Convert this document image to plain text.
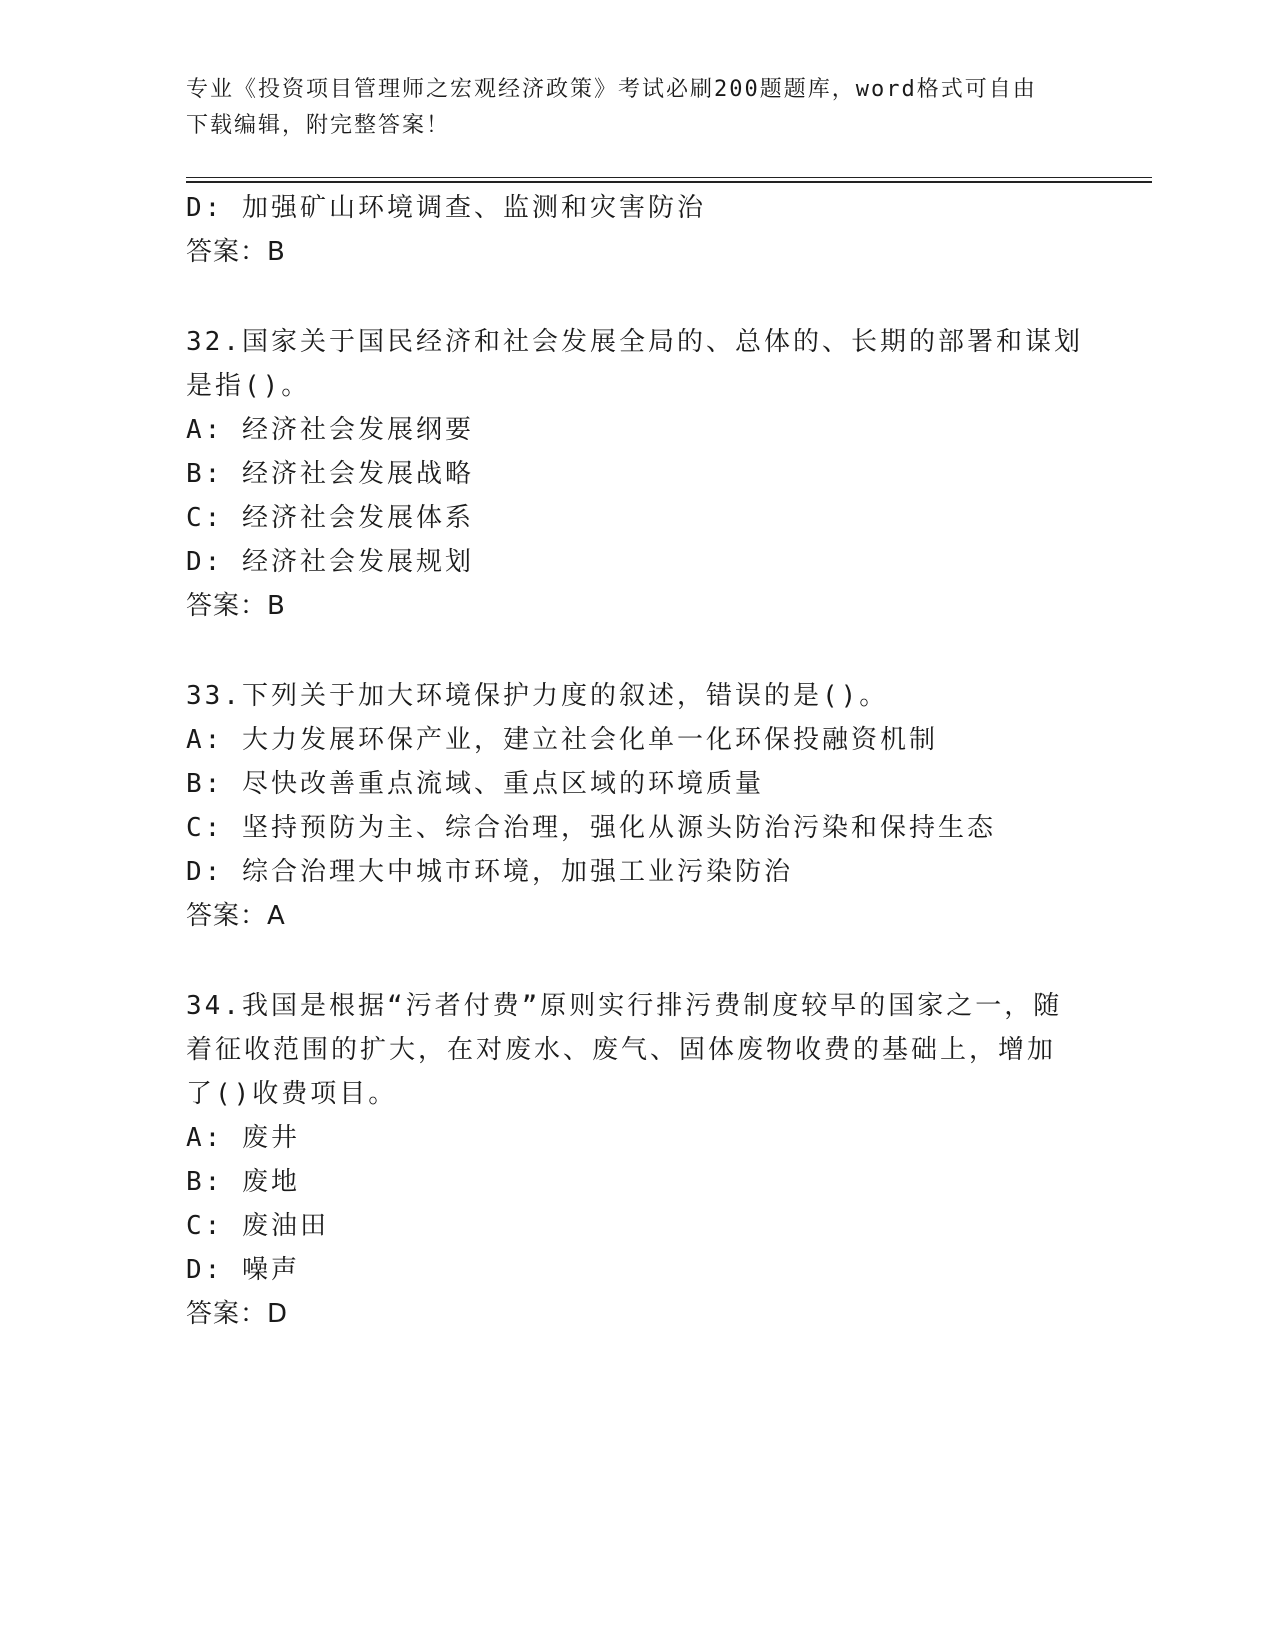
专业《投资项目管理师之宏观经济政策》考试必刷200题题库，word格式可自由
下载编辑，附完整答案！
D: 加强矿山环境调查、监测和灾害防治
答案：B
32.国家关于国民经济和社会发展全局的、总体的、长期的部署和谋划
是指()。
A: 经济社会发展纲要
B: 经济社会发展战略
C: 经济社会发展体系
D: 经济社会发展规划
答案：B
33.下列关于加大环境保护力度的叙述，错误的是()。
A: 大力发展环保产业，建立社会化单一化环保投融资机制
B: 尽快改善重点流域、重点区域的环境质量
C: 坚持预防为主、综合治理，强化从源头防治污染和保持生态
D: 综合治理大中城市环境，加强工业污染防治
答案：A
34.我国是根据“污者付费”原则实行排污费制度较早的国家之一，随
着征收范围的扩大，在对废水、废气、固体废物收费的基础上，增加
了()收费项目。
A: 废井
B: 废地
C: 废油田
D: 噪声
答案：D
